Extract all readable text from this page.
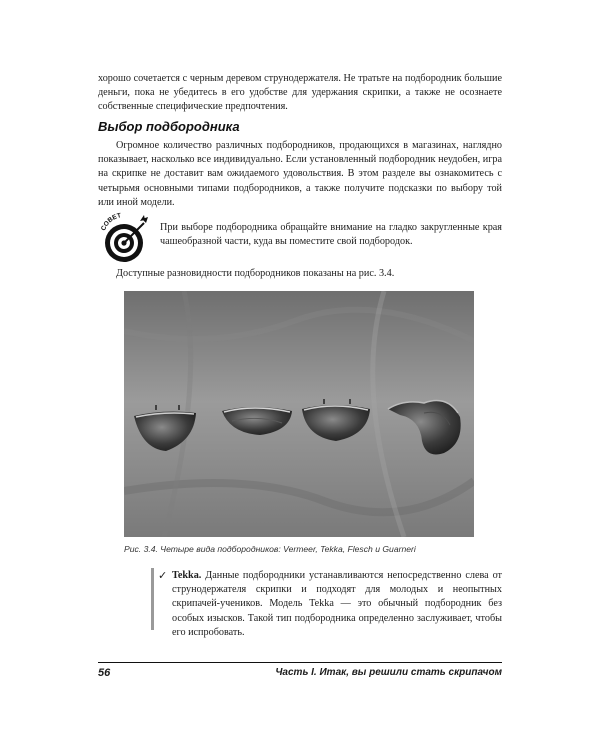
хорошо сочетается с черным деревом струнодержателя. Не тратьте на подбородник большие деньги, пока не убедитесь в его удобстве для удержания скрипки, а также не осознаете собственные специфические предпочтения.

Выбор подбородника

Огромное количество различных подбородников, продающихся в магазинах, наглядно показывает, насколько все индивидуально. Если установленный подбородник неудобен, игра на скрипке не доставит вам ожидаемого удовольствия. В этом разделе вы ознакомитесь с четырьмя основными типами подбородников, а также получите подсказки по выбору той или иной модели.

СОВЕТ

При выборе подбородника обращайте внимание на гладко закругленные края чашеобразной части, куда вы поместите свой подбородок.

Доступные разновидности подбородников показаны на рис. 3.4.

Рис. 3.4. Четыре вида подбородников: Vermeer, Tekka, Flesch и Guarneri

✓ Tekka. Данные подбородники устанавливаются непосредственно слева от струнодержателя скрипки и подходят для молодых и неопытных скрипачей-учеников. Модель Tekka — это обычный подбородник без особых изысков. Такой тип подбородника определенно заслуживает, чтобы его испробовать.

56	Часть I. Итак, вы решили стать скрипачом
